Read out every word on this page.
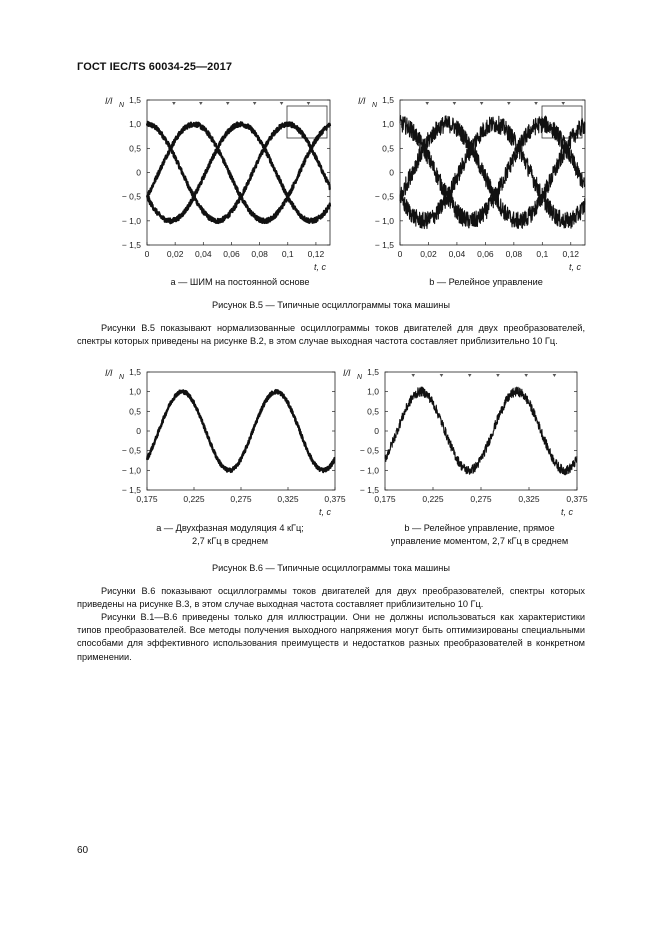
ГОСТ IEC/TS 60034-25—2017
1,5
1,0
0,5
0
− 0,5
− 1,0
− 1,5
0 0,02 0,04 0,06 0,08 0,1 0,12
I/I N
t, c
1,5
1,0
0,5
0
− 0,5
− 1,0
− 1,5
0 0,02 0,04 0,06 0,08 0,1 0,12
I/I N
t, c
a — ШИМ на постоянной основе	b — Релейное управление
Рисунок В.5 — Типичные осциллограммы тока машины

Рисунки В.5 показывают нормализованные осциллограммы токов двигателей для двух преобразователей, спектры которых приведены на рисунке В.2, в этом случае выходная частота составляет приблизительно 10 Гц.

1,5
1,0
0,5
0
− 0,5
− 1,0
− 1,5
0,175	0,225	0,275	0,325	0,375
I/I N
t, c
1,5
1,0
0,5
0
− 0,5
− 1,0
− 1,5
0,175	0,225	0,275	0,325	0,375
I/I N
t, c
a — Двухфазная модуляция 4 кГц;
2,7 кГц в среднем
b — Релейное управление, прямое
управление моментом, 2,7 кГц в среднем
Рисунок В.6 — Типичные осциллограммы тока машины

Рисунки В.6 показывают осциллограммы токов двигателей для двух преобразователей, спектры которых приведены на рисунке В.3, в этом случае выходная частота составляет приблизительно 10 Гц.

Рисунки В.1—В.6 приведены только для иллюстрации. Они не должны использоваться как характеристики типов преобразователей. Все методы получения выходного напряжения могут быть оптимизированы специальными способами для эффективного использования преимуществ и недостатков разных преобразователей в конкретном применении.

60
